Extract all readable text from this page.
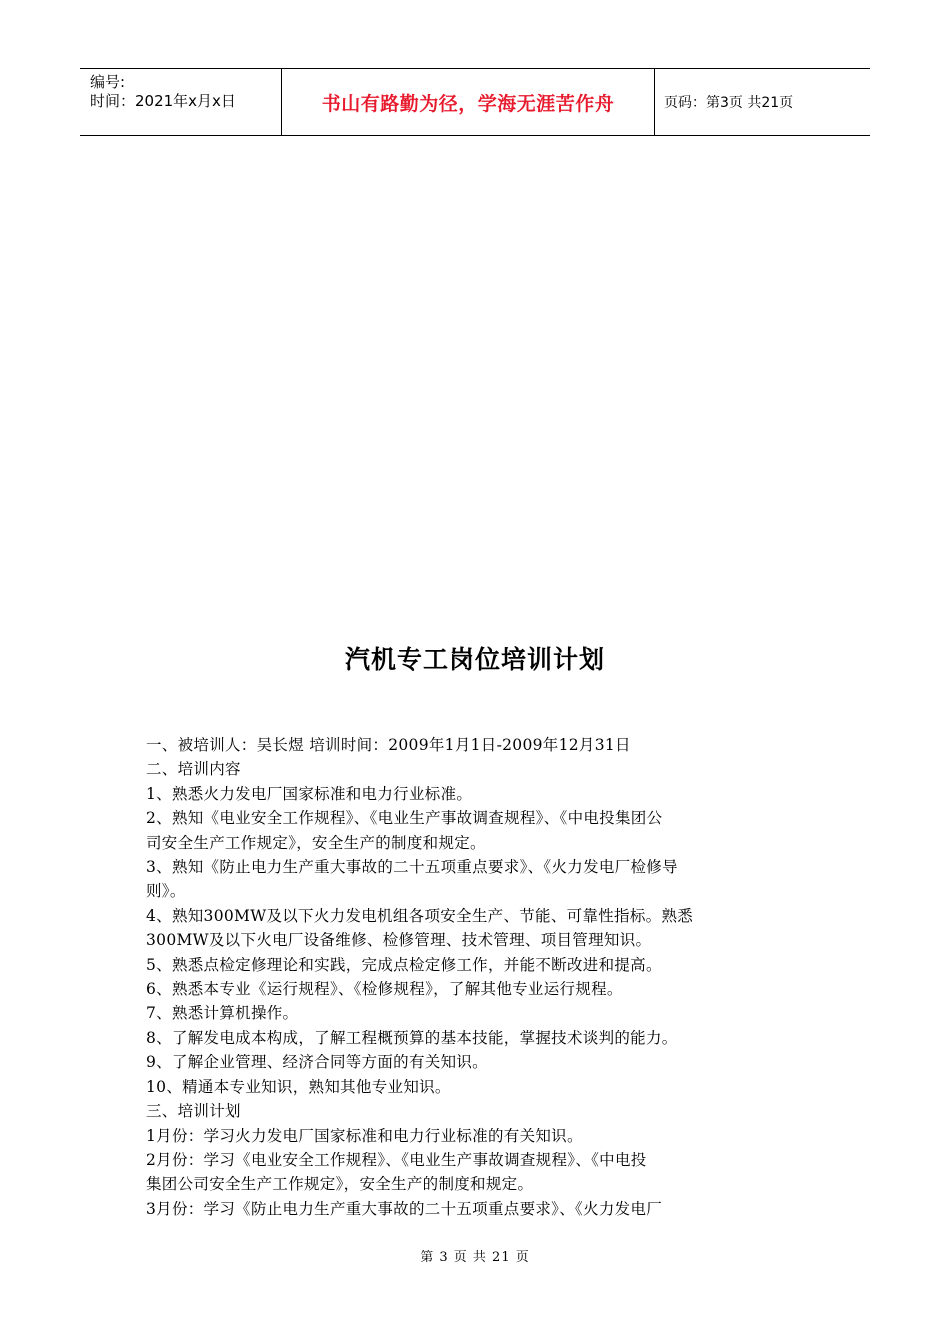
编号:
时间：2021年x月x日	书山有路勤为径，学海无涯苦作舟	页码：第3页 共21页
汽机专工岗位培训计划

一、被培训人：吴长煜 培训时间：2009年1月1日-2009年12月31日

二、培训内容

1、熟悉火力发电厂国家标准和电力行业标准。

2、熟知《电业安全工作规程》、《电业生产事故调查规程》、《中电投集团公

司安全生产工作规定》，安全生产的制度和规定。

3、熟知《防止电力生产重大事故的二十五项重点要求》、《火力发电厂检修导

则》。

4、熟知300MW及以下火力发电机组各项安全生产、节能、可靠性指标。熟悉

300MW及以下火电厂设备维修、检修管理、技术管理、项目管理知识。

5、熟悉点检定修理论和实践，完成点检定修工作，并能不断改进和提高。

6、熟悉本专业《运行规程》、《检修规程》，了解其他专业运行规程。

7、熟悉计算机操作。

8、了解发电成本构成，了解工程概预算的基本技能，掌握技术谈判的能力。

9、了解企业管理、经济合同等方面的有关知识。

10、精通本专业知识，熟知其他专业知识。

三、培训计划

1月份：学习火力发电厂国家标准和电力行业标准的有关知识。

2月份：学习《电业安全工作规程》、《电业生产事故调查规程》、《中电投

集团公司安全生产工作规定》，安全生产的制度和规定。

3月份：学习《防止电力生产重大事故的二十五项重点要求》、《火力发电厂

第 3 页 共 21 页
